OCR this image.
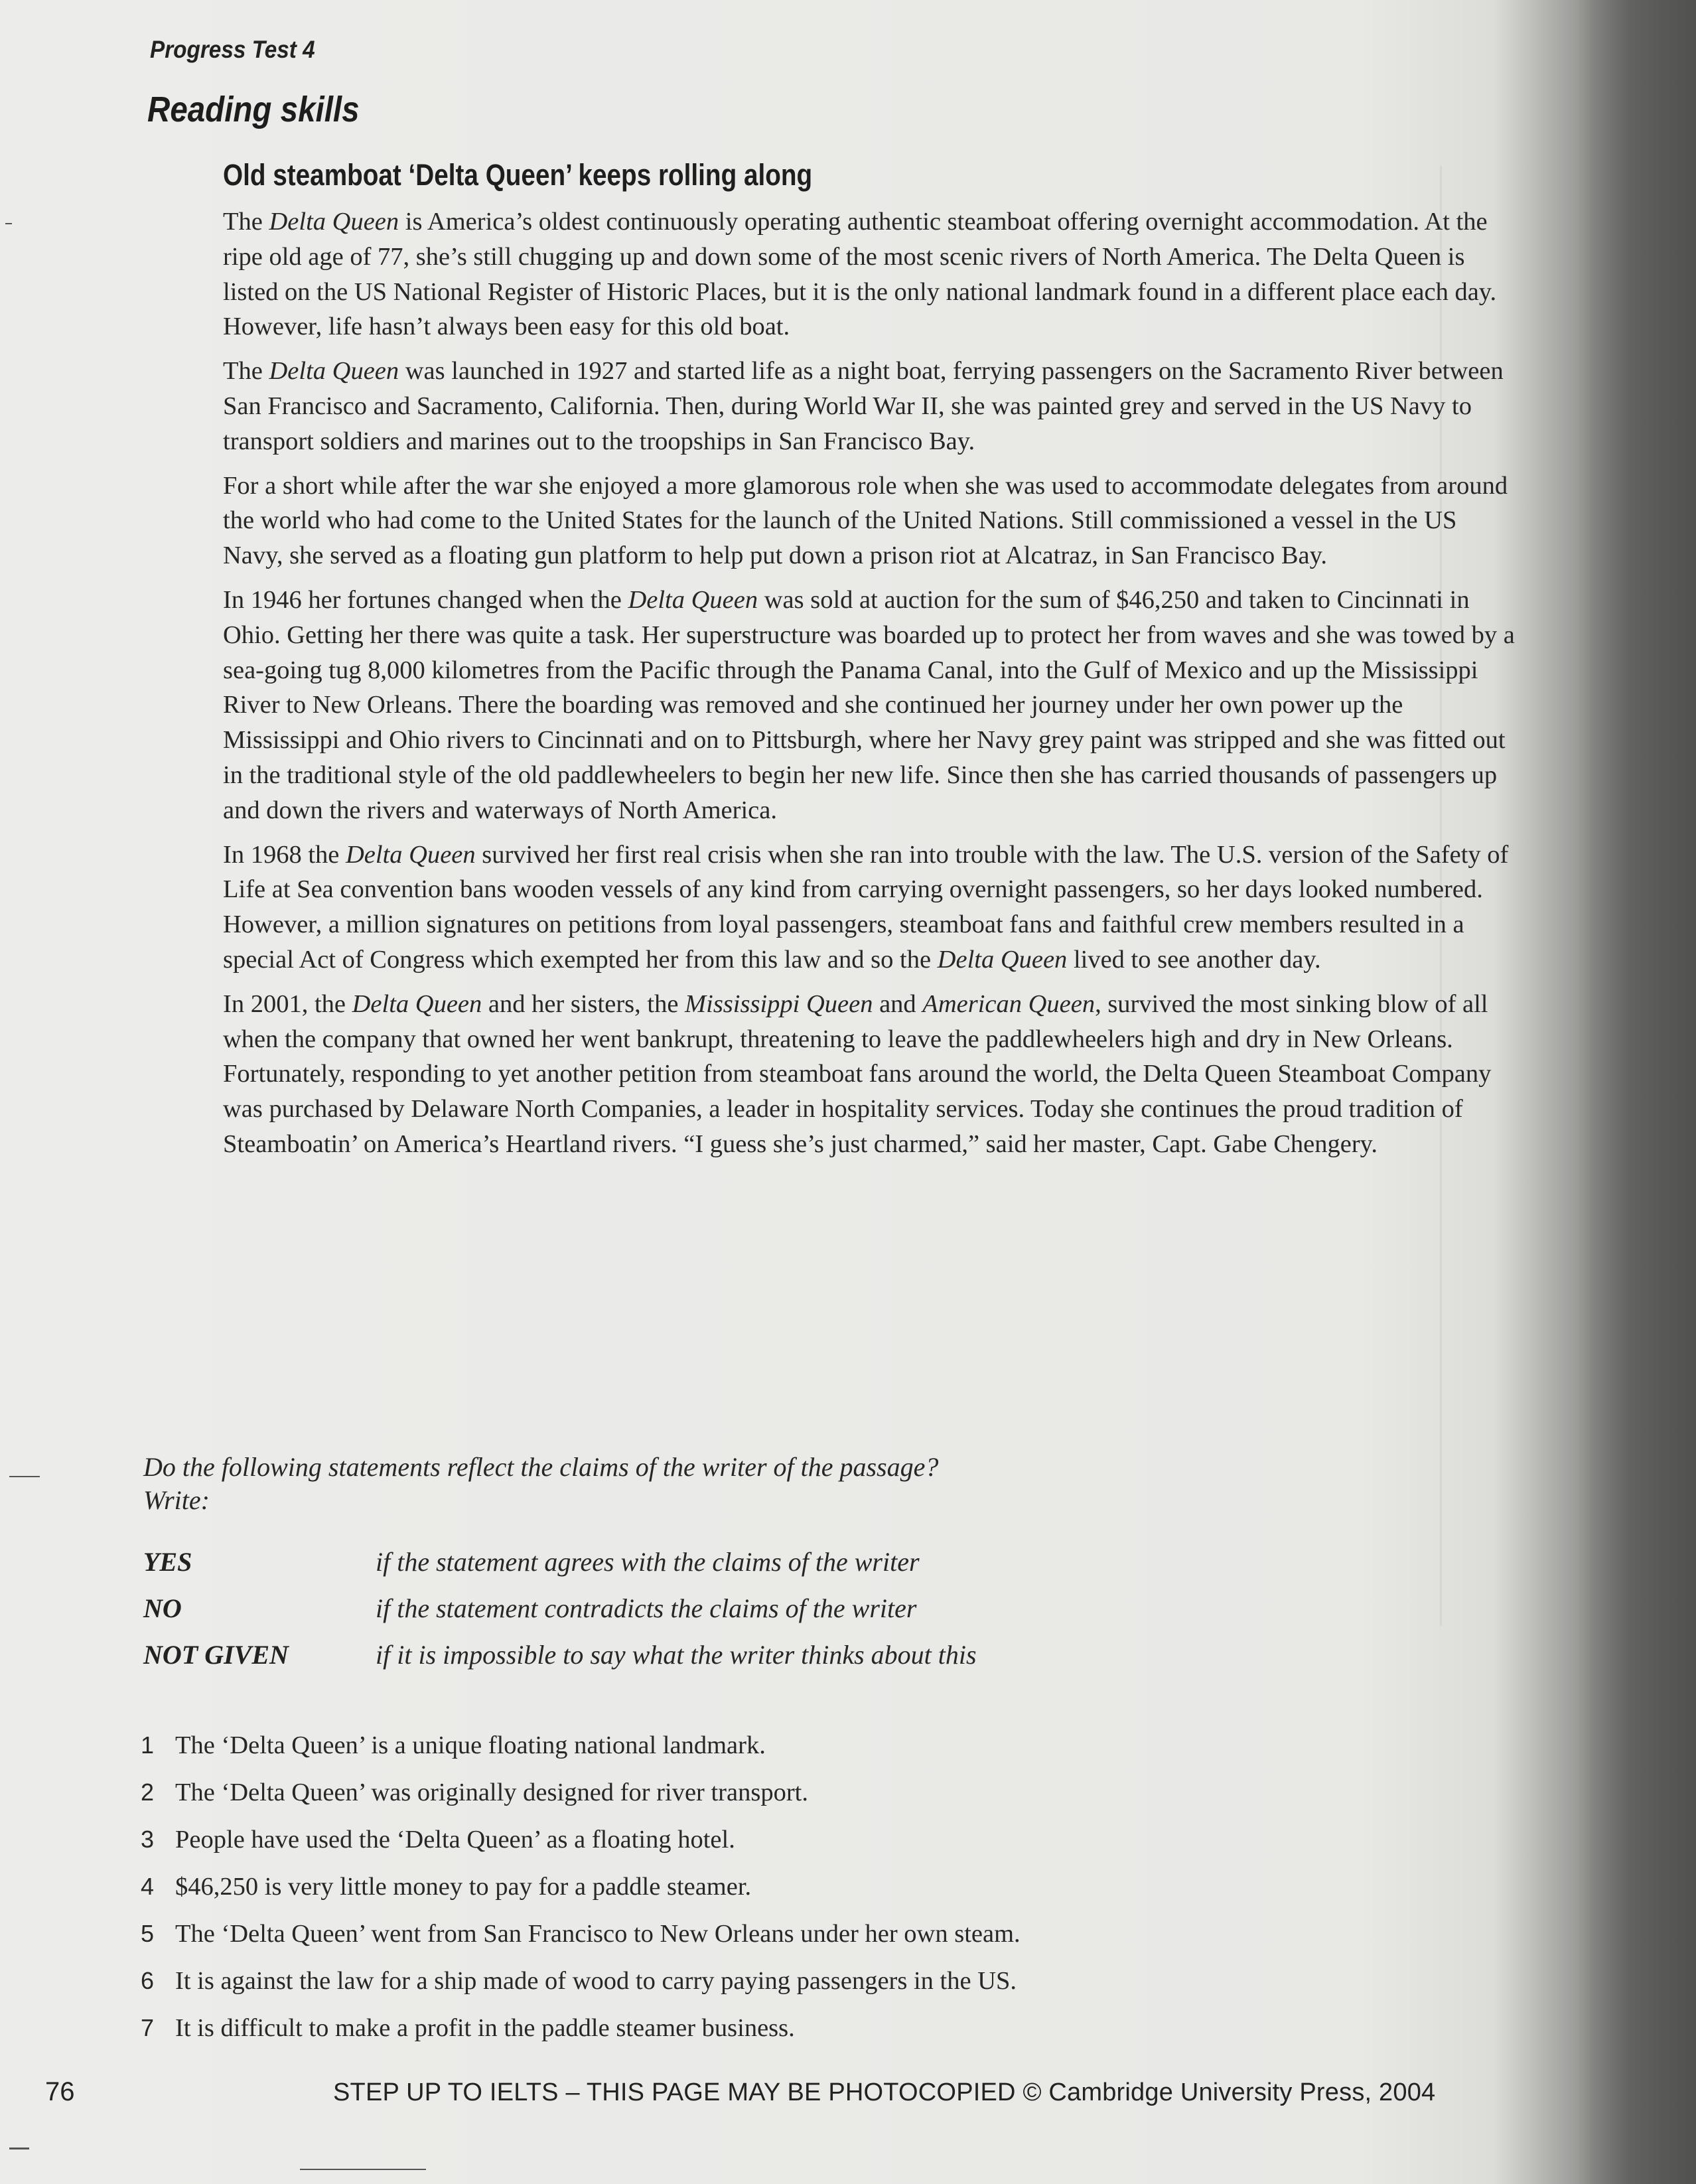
Progress Test 4
Reading skills
Old steamboat ‘Delta Queen’ keeps rolling along

The Delta Queen is America’s oldest continuously operating authentic steamboat offering overnight accommodation. At the ripe old age of 77, she’s still chugging up and down some of the most scenic rivers of North America. The Delta Queen is listed on the US National Register of Historic Places, but it is the only national landmark found in a different place each day. However, life hasn’t always been easy for this old boat.

The Delta Queen was launched in 1927 and started life as a night boat, ferrying passengers on the Sacramento River between San Francisco and Sacramento, California. Then, during World War II, she was painted grey and served in the US Navy to transport soldiers and marines out to the troopships in San Francisco Bay.

For a short while after the war she enjoyed a more glamorous role when she was used to accommodate delegates from around the world who had come to the United States for the launch of the United Nations. Still commissioned a vessel in the US Navy, she served as a floating gun platform to help put down a prison riot at Alcatraz, in San Francisco Bay.

In 1946 her fortunes changed when the Delta Queen was sold at auction for the sum of $46,250 and taken to Cincinnati in Ohio. Getting her there was quite a task. Her superstructure was boarded up to protect her from waves and she was towed by a sea-going tug 8,000 kilometres from the Pacific through the Panama Canal, into the Gulf of Mexico and up the Mississippi River to New Orleans. There the boarding was removed and she continued her journey under her own power up the Mississippi and Ohio rivers to Cincinnati and on to Pittsburgh, where her Navy grey paint was stripped and she was fitted out in the traditional style of the old paddlewheelers to begin her new life. Since then she has carried thousands of passengers up and down the rivers and waterways of North America.

In 1968 the Delta Queen survived her first real crisis when she ran into trouble with the law. The U.S. version of the Safety of Life at Sea convention bans wooden vessels of any kind from carrying overnight passengers, so her days looked numbered. However, a million signatures on petitions from loyal passengers, steamboat fans and faithful crew members resulted in a special Act of Congress which exempted her from this law and so the Delta Queen lived to see another day.

In 2001, the Delta Queen and her sisters, the Mississippi Queen and American Queen, survived the most sinking blow of all when the company that owned her went bankrupt, threatening to leave the paddlewheelers high and dry in New Orleans. Fortunately, responding to yet another petition from steamboat fans around the world, the Delta Queen Steamboat Company was purchased by Delaware North Companies, a leader in hospitality services. Today she continues the proud tradition of Steamboatin’ on America’s Heartland rivers. “I guess she’s just charmed,” said her master, Capt. Gabe Chengery.

Do the following statements reflect the claims of the writer of the passage?
Write:
YES	if the statement agrees with the claims of the writer
NO	if the statement contradicts the claims of the writer
NOT GIVEN	if it is impossible to say what the writer thinks about this
1 The ‘Delta Queen’ is a unique floating national landmark.
2 The ‘Delta Queen’ was originally designed for river transport.
3 People have used the ‘Delta Queen’ as a floating hotel.
4 $46,250 is very little money to pay for a paddle steamer.
5 The ‘Delta Queen’ went from San Francisco to New Orleans under her own steam.
6 It is against the law for a ship made of wood to carry paying passengers in the US.
7 It is difficult to make a profit in the paddle steamer business.
76	STEP UP TO IELTS – THIS PAGE MAY BE PHOTOCOPIED © Cambridge University Press, 2004
